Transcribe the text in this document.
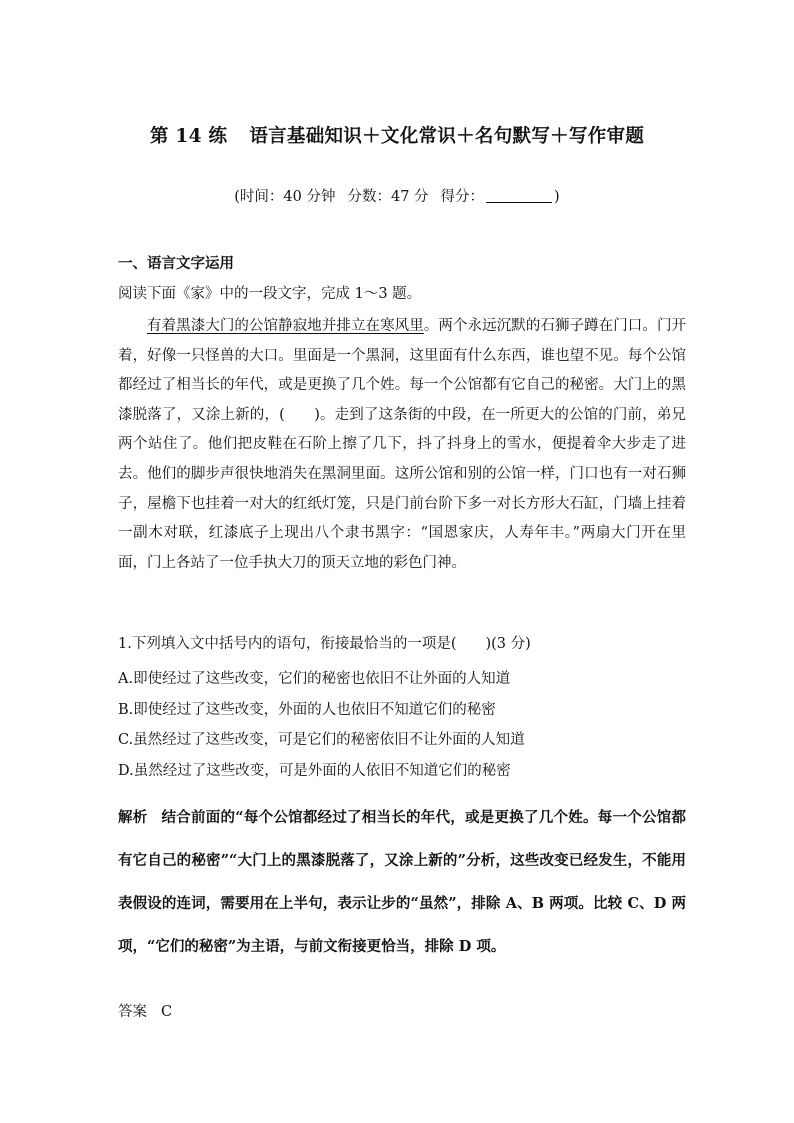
第 14 练 语言基础知识＋文化常识＋名句默写＋写作审题
(时间：40 分钟 分数：47 分 得分：	)
一、语言文字运用
阅读下面《家》中的一段文字，完成 1～3 题。

有着黑漆大门的公馆静寂地并排立在寒风里。两个永远沉默的石狮子蹲在门口。门开着，好像一只怪兽的大口。里面是一个黑洞，这里面有什么东西，谁也望不见。每个公馆都经过了相当长的年代，或是更换了几个姓。每一个公馆都有它自己的秘密。大门上的黑漆脱落了，又涂上新的，(　　)。走到了这条街的中段，在一所更大的公馆的门前，弟兄两个站住了。他们把皮鞋在石阶上擦了几下，抖了抖身上的雪水，便提着伞大步走了进去。他们的脚步声很快地消失在黑洞里面。这所公馆和别的公馆一样，门口也有一对石狮子，屋檐下也挂着一对大的红纸灯笼，只是门前台阶下多一对长方形大石缸，门墙上挂着一副木对联，红漆底子上现出八个隶书黑字：“国恩家庆，人寿年丰。”两扇大门开在里面，门上各站了一位手执大刀的顶天立地的彩色门神。

1.下列填入文中括号内的语句，衔接最恰当的一项是(　　)(3 分)
A.即使经过了这些改变，它们的秘密也依旧不让外面的人知道
B.即使经过了这些改变，外面的人也依旧不知道它们的秘密
C.虽然经过了这些改变，可是它们的秘密依旧不让外面的人知道
D.虽然经过了这些改变，可是外面的人依旧不知道它们的秘密

解析 结合前面的“每个公馆都经过了相当长的年代，或是更换了几个姓。每一个公馆都有它自己的秘密”“大门上的黑漆脱落了，又涂上新的”分析，这些改变已经发生，不能用表假设的连词，需要用在上半句，表示让步的“虽然”，排除 A、B 两项。比较 C、D 两项，“它们的秘密”为主语，与前文衔接更恰当，排除 D 项。

答案 C
